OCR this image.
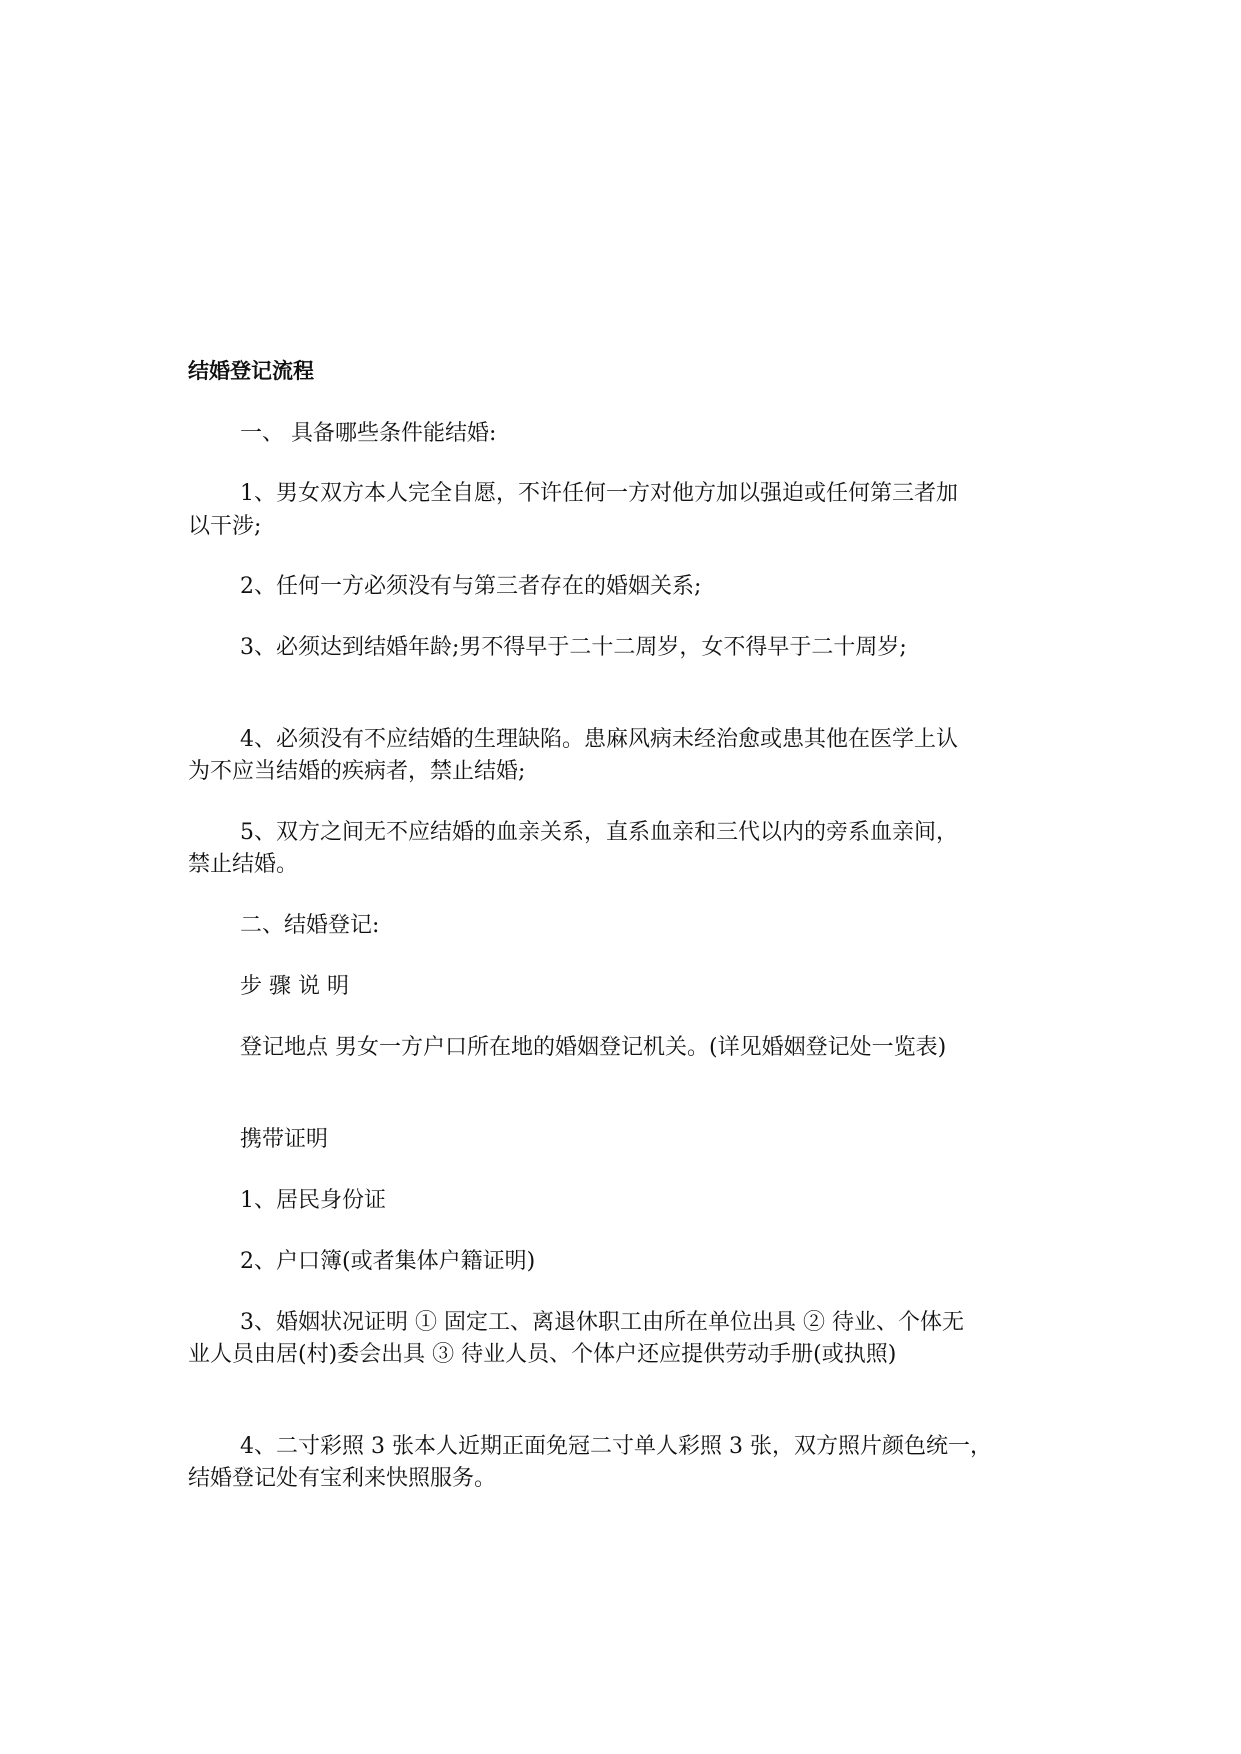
结婚登记流程
一、 具备哪些条件能结婚:
1、男女双方本人完全自愿，不许任何一方对他方加以强迫或任何第三者加
以干涉;
2、任何一方必须没有与第三者存在的婚姻关系;
3、必须达到结婚年龄;男不得早于二十二周岁，女不得早于二十周岁;
4、必须没有不应结婚的生理缺陷。患麻风病未经治愈或患其他在医学上认
为不应当结婚的疾病者，禁止结婚;
5、双方之间无不应结婚的血亲关系，直系血亲和三代以内的旁系血亲间，
禁止结婚。
二、结婚登记:
步 骤 说 明
登记地点 男女一方户口所在地的婚姻登记机关。(详见婚姻登记处一览表)
携带证明
1、居民身份证
2、户口簿(或者集体户籍证明)
3、婚姻状况证明 ① 固定工、离退休职工由所在单位出具 ② 待业、个体无
业人员由居(村)委会出具 ③ 待业人员、个体户还应提供劳动手册(或执照)
4、二寸彩照 3 张本人近期正面免冠二寸单人彩照 3 张，双方照片颜色统一，
结婚登记处有宝利来快照服务。
